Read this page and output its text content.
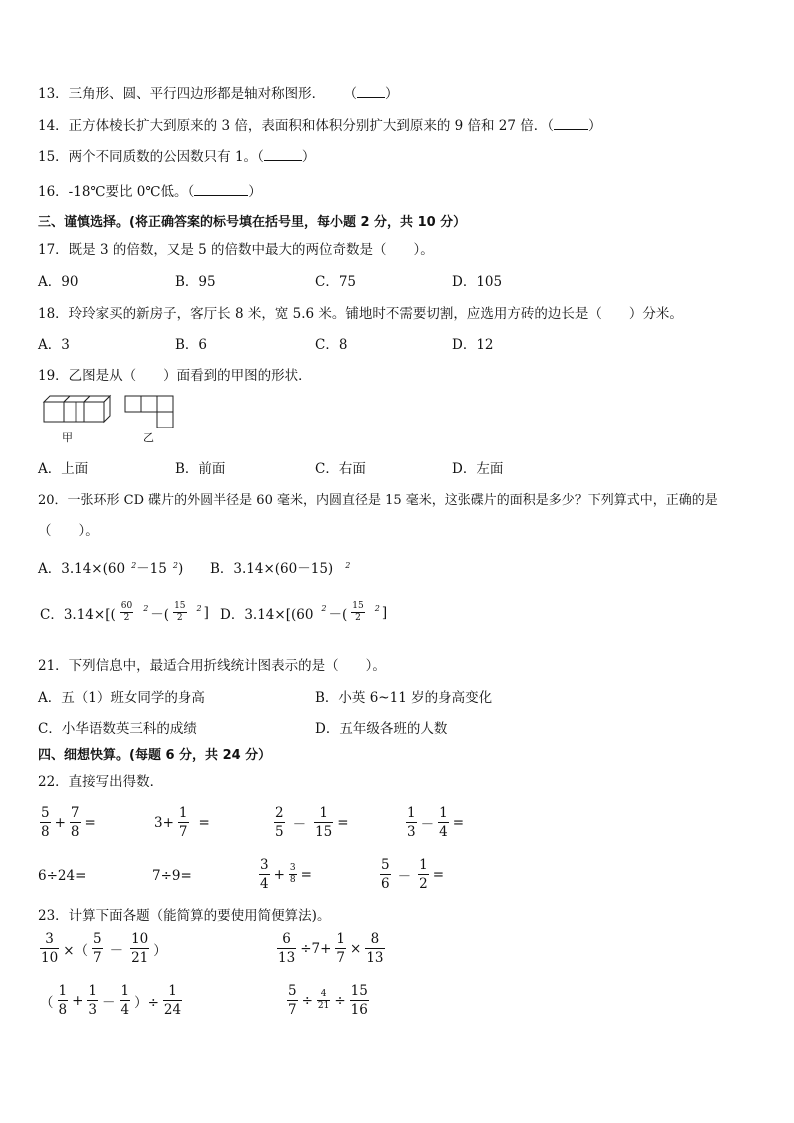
13．三角形、圆、平行四边形都是轴对称图形． （ ）
14．正方体棱长扩大到原来的 3 倍，表面积和体积分别扩大到原来的 9 倍和 27 倍．（	）
15．两个不同质数的公因数只有 1。（	）
16．-18℃要比 0℃低。（	）
三、谨慎选择。(将正确答案的标号填在括号里，每小题 2 分，共 10 分）
17．既是 3 的倍数，又是 5 的倍数中最大的两位奇数是（　　）。
A．90	B．95	C．75	D．105
18．玲玲家买的新房子，客厅长 8 米，宽 5.6 米。铺地时不需要切割，应选用方砖的边长是（　　）分米。
A．3	B．6	C．8	D．12
19．乙图是从（　　）面看到的甲图的形状．
甲	乙
A．上面	B．前面	C．右面	D．左面
20．一张环形 CD 碟片的外圆半径是 60 毫米，内圆直径是 15 毫米，这张碟片的面积是多少？下列算式中，正确的是
（　　）。
A．3.14×(60 $^2$－15 $^2$) B．3.14×(60－15) $^2$
C．$3.14\times[( \frac{60}{2} ^2$ －( $\frac{15}{2} ^2$ ] D．3.14×[(60 $^2$ －( $\frac{15}{2} ^2$ ]
21．下列信息中，最适合用折线统计图表示的是（　　）。
A．五（1）班女同学的身高	B．小英 6~11 岁的身高变化
C．小华语数英三科的成绩	D．五年级各班的人数
四、细想快算。(每题 6 分，共 24 分）
22．直接写出得数．
$\frac{5}{8} + \frac{7}{8}$ =	$3+ \frac{1}{7}$ =	$\frac{2}{5} - \frac{1}{15}$ =	$\frac{1}{3} - \frac{1}{4}$ =
6÷24=	7÷9=	$\frac{3}{4} + \frac{3}{8}$ =	$\frac{5}{6} - \frac{1}{2}$ =
23．计算下面各题（能简算的要使用简便算法)。
$\frac{3}{10}$ ×（ $\frac{5}{7} - \frac{10}{21}$ ）	$\frac{6}{13} \div 7+ \frac{1}{7} \times \frac{8}{13}$
（ $\frac{1}{8} + \frac{1}{3} - \frac{1}{4}$ ）÷ $\frac{1}{24}$	$\frac{5}{7} \div \frac{4}{21} \div \frac{15}{16}$
